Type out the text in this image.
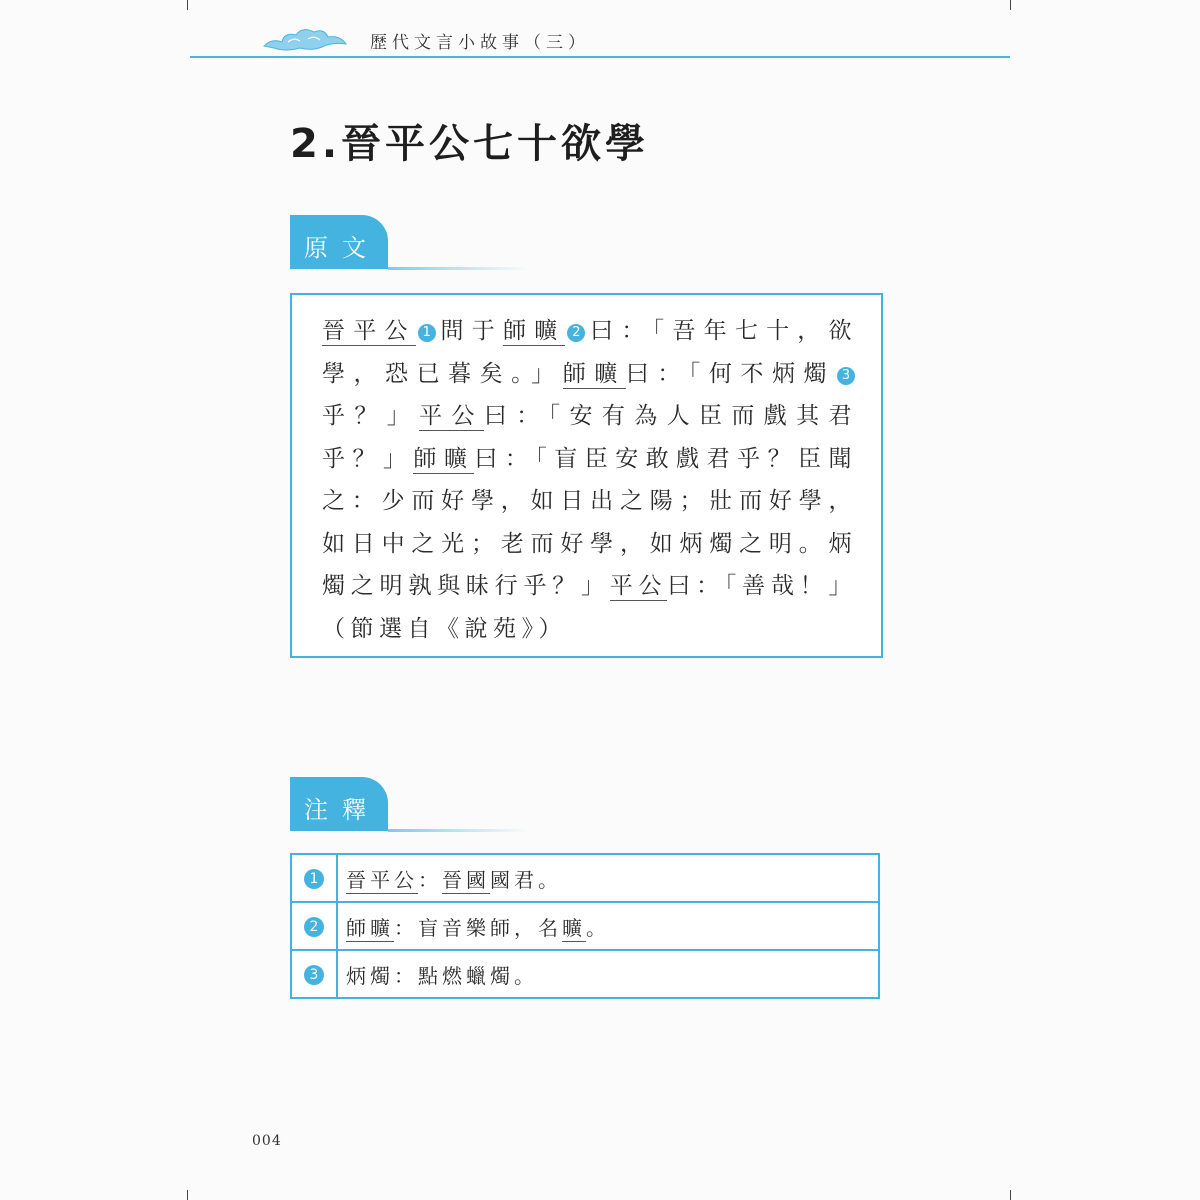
歷代文言小故事（三）
2.晉平公七十欲學
原文
晉平公 1 問于師曠 2 曰：「吾年七十，欲學，恐已暮矣。」師曠曰：「何不炳燭 3乎？」平公曰：「安有為人臣而戲其君乎？」師曠曰：「盲臣安敢戲君乎？臣聞之：少而好學，如日出之陽；壯而好學，如日中之光；老而好學，如炳燭之明。炳燭之明孰與昧行乎？」平公曰：「善哉！」（節選自《說苑》）
注釋
1	晉平公：晉國國君。
2	師曠：盲音樂師，名曠。
3	炳燭：點燃蠟燭。
004
